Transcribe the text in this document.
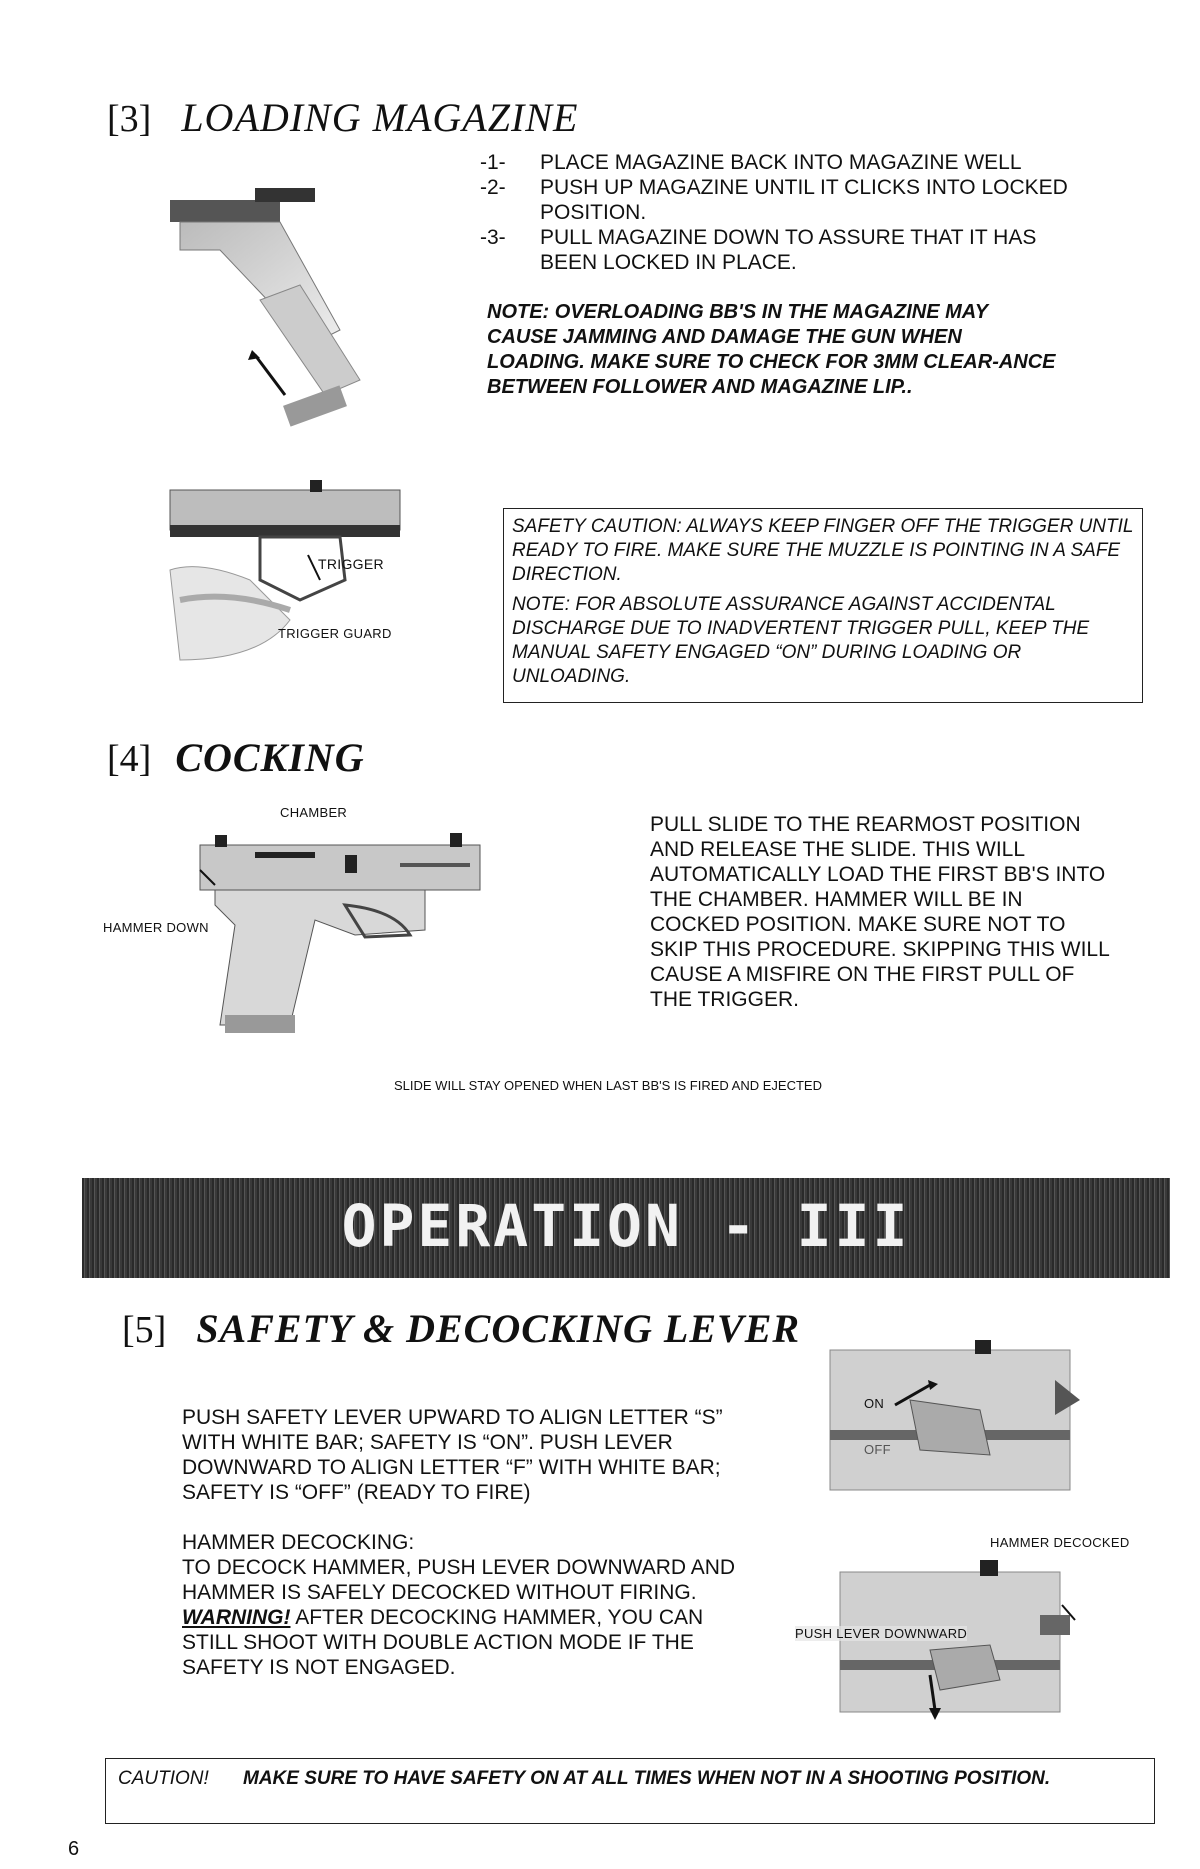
[3] LOADING MAGAZINE
-1-	PLACE MAGAZINE BACK INTO MAGAZINE WELL
-2-	PUSH UP MAGAZINE UNTIL IT CLICKS INTO LOCKED POSITION.
-3-	PULL MAGAZINE DOWN TO ASSURE THAT IT HAS BEEN LOCKED IN PLACE.
NOTE: OVERLOADING BB'S IN THE MAGAZINE MAY CAUSE JAMMING AND DAMAGE THE GUN WHEN LOADING. MAKE SURE TO CHECK FOR 3MM CLEAR-ANCE BETWEEN FOLLOWER AND MAGAZINE LIP..
TRIGGER
TRIGGER GUARD
SAFETY CAUTION: ALWAYS KEEP FINGER OFF THE TRIGGER UNTIL READY TO FIRE. MAKE SURE THE MUZZLE IS POINTING IN A SAFE DIRECTION.
NOTE: FOR ABSOLUTE ASSURANCE AGAINST ACCIDENTAL DISCHARGE DUE TO INADVERTENT TRIGGER PULL, KEEP THE MANUAL SAFETY ENGAGED “ON” DURING LOADING OR UNLOADING.
[4] COCKING
CHAMBER
HAMMER DOWN
PULL SLIDE TO THE REARMOST POSITION AND RELEASE THE SLIDE. THIS WILL AUTOMATICALLY LOAD THE FIRST BB'S INTO THE CHAMBER. HAMMER WILL BE IN COCKED POSITION. MAKE SURE NOT TO SKIP THIS PROCEDURE. SKIPPING THIS WILL CAUSE A MISFIRE ON THE FIRST PULL OF THE TRIGGER.
SLIDE WILL STAY OPENED WHEN LAST BB'S IS FIRED AND EJECTED
OPERATION - III
[5] SAFETY & DECOCKING LEVER
PUSH SAFETY LEVER UPWARD TO ALIGN LETTER “S” WITH WHITE BAR; SAFETY IS “ON”. PUSH LEVER DOWNWARD TO ALIGN LETTER “F” WITH WHITE BAR; SAFETY IS “OFF” (READY TO FIRE)
HAMMER DECOCKING:
TO DECOCK HAMMER, PUSH LEVER DOWNWARD AND HAMMER IS SAFELY DECOCKED WITHOUT FIRING. WARNING! AFTER DECOCKING HAMMER, YOU CAN STILL SHOOT WITH DOUBLE ACTION MODE IF THE SAFETY IS NOT ENGAGED.
ON
OFF
HAMMER DECOCKED
PUSH LEVER DOWNWARD
CAUTION!	MAKE SURE TO HAVE SAFETY ON AT ALL TIMES WHEN NOT IN A SHOOTING POSITION.
6
